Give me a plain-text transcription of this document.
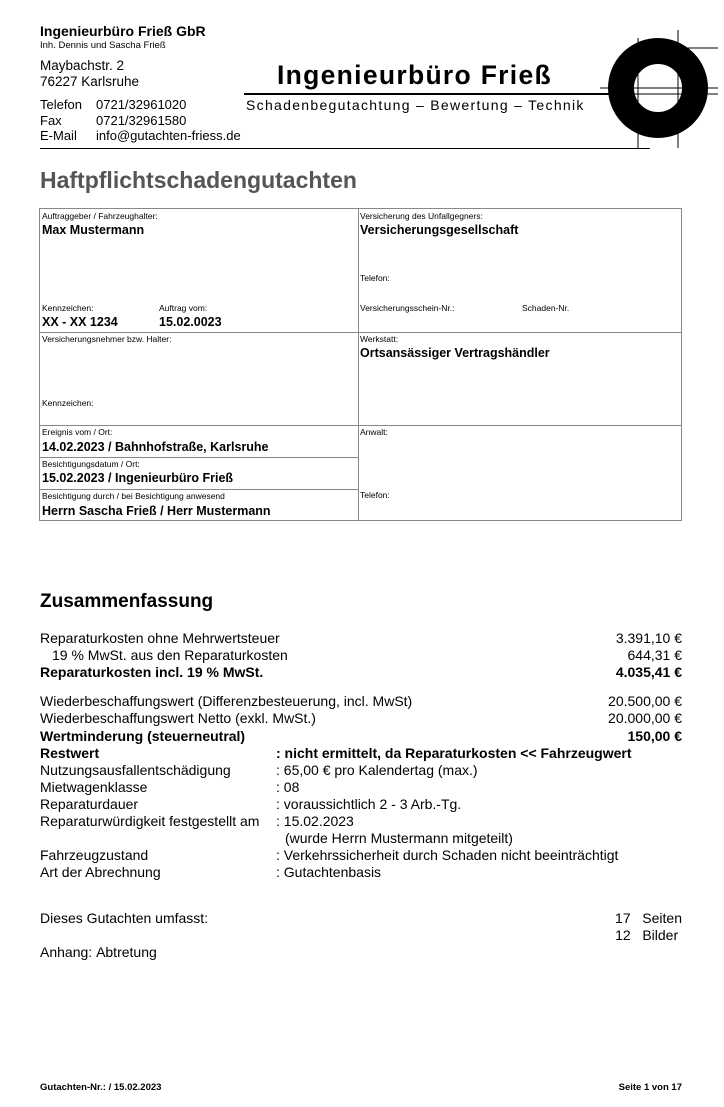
Ingenieurbüro Frieß GbR
Inh. Dennis und Sascha Frieß
Maybachstr. 2
76227 Karlsruhe
Telefon 0721/32961020
Fax	0721/32961580
E-Mail info@gutachten-friess.de
Ingenieurbüro Frieß
Schadenbegutachtung – Bewertung – Technik
Haftpflichtschadengutachten
Auftraggeber / Fahrzeughalter:
Max Mustermann
Kennzeichen:
XX - XX 1234
Auftrag vom:
15.02.0023
Versicherung des Unfallgegners:
Versicherungsgesellschaft
Telefon:
Versicherungsschein-Nr.:	Schaden-Nr.
Versicherungsnehmer bzw. Halter:
Kennzeichen:
Werkstatt:
Ortsansässiger Vertragshändler
Ereignis vom / Ort:
14.02.2023 / Bahnhofstraße, Karlsruhe
Besichtigungsdatum / Ort:
15.02.2023 / Ingenieurbüro Frieß
Besichtigung durch / bei Besichtigung anwesend
Herrn Sascha Frieß / Herr Mustermann
Anwalt:
Telefon:
Zusammenfassung
Reparaturkosten ohne Mehrwertsteuer	3.391,10 €
19 % MwSt. aus den Reparaturkosten	644,31 €
Reparaturkosten incl. 19 % MwSt.	4.035,41 €
Wiederbeschaffungswert (Differenzbesteuerung, incl. MwSt)	20.500,00 €
Wiederbeschaffungswert Netto (exkl. MwSt.)	20.000,00 €
Wertminderung (steuerneutral)	150,00 €
Restwert	: nicht ermittelt, da Reparaturkosten << Fahrzeugwert
Nutzungsausfallentschädigung	: 65,00 € pro Kalendertag (max.)
Mietwagenklasse	: 08
Reparaturdauer	: voraussichtlich 2 - 3 Arb.-Tg.
Reparaturwürdigkeit festgestellt am : 15.02.2023
(wurde Herrn Mustermann mitgeteilt)
Fahrzeugzustand	: Verkehrssicherheit durch Schaden nicht beeinträchtigt
Art der Abrechnung	: Gutachtenbasis
Dieses Gutachten umfasst:	17 Seiten
12 Bilder
Anhang: Abtretung
Gutachten-Nr.: / 15.02.2023	Seite 1 von 17
